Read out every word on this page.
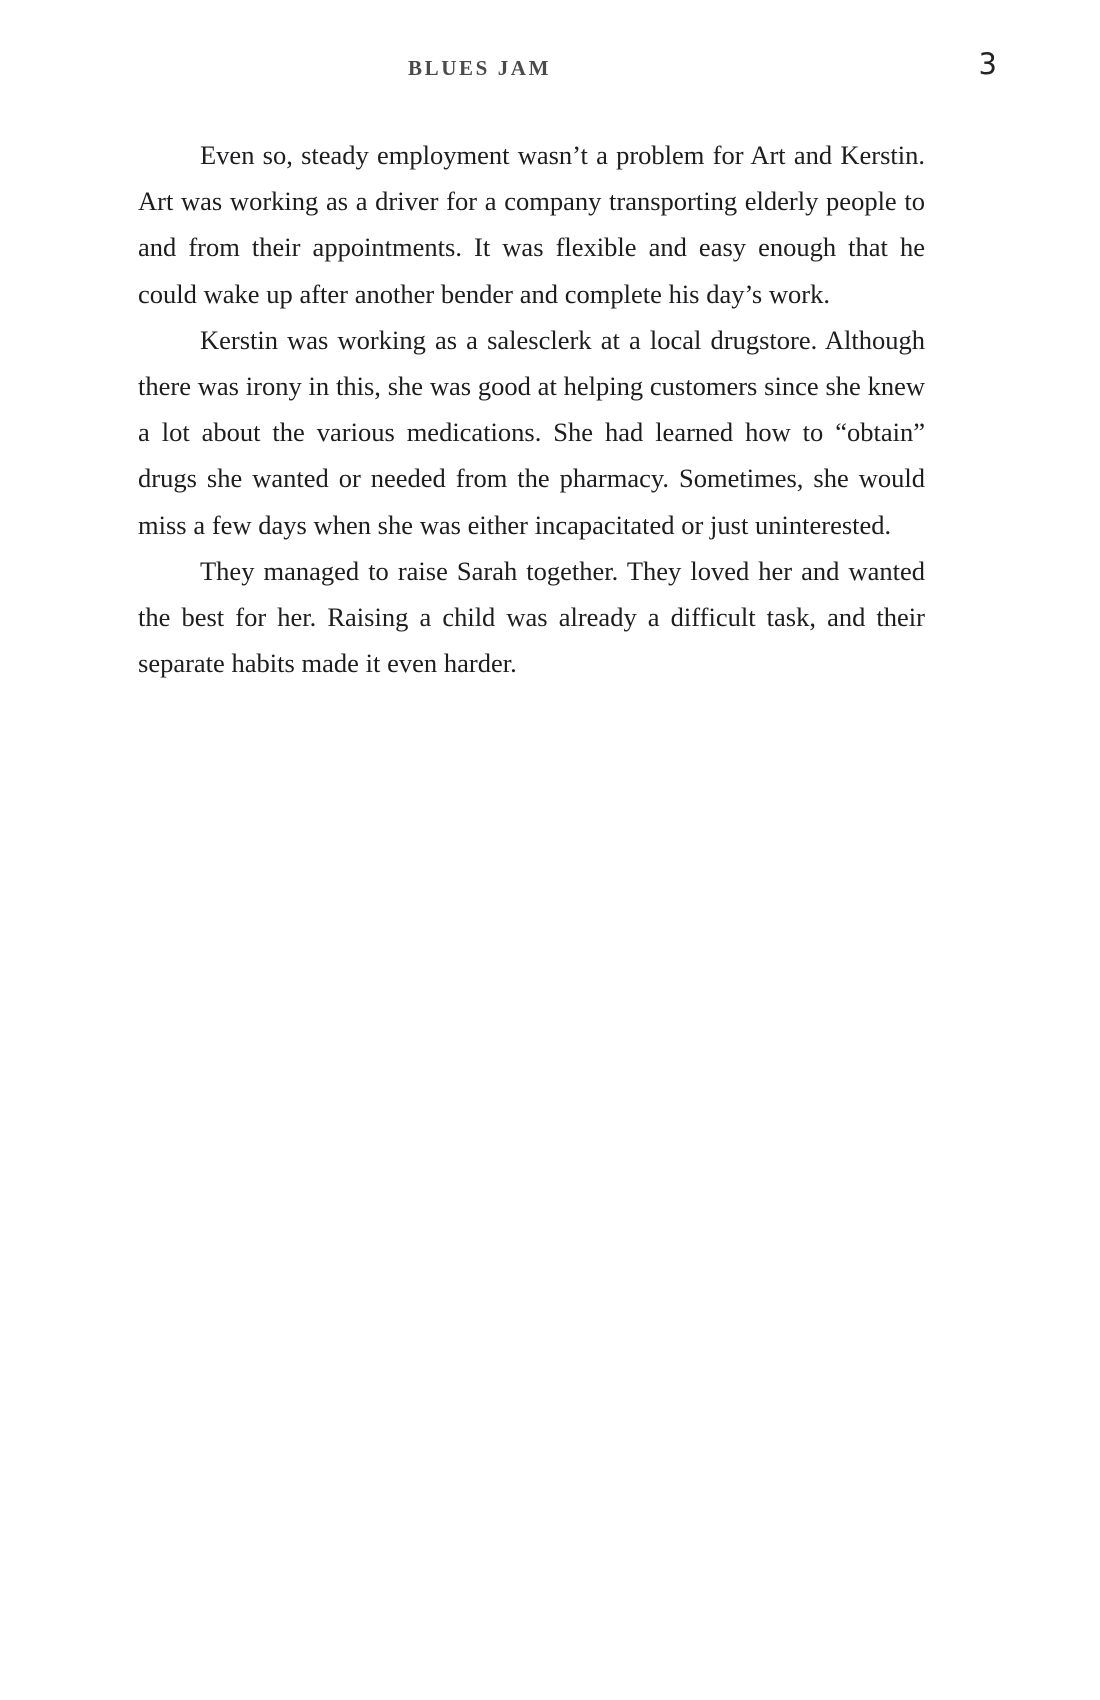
BLUES JAM	3

Even so, steady employment wasn’t a problem for Art and Kerstin. Art was working as a driver for a company transporting elderly people to and from their appointments. It was flexible and easy enough that he could wake up after another bender and complete his day’s work.

Kerstin was working as a salesclerk at a local drugstore. Although there was irony in this, she was good at helping customers since she knew a lot about the various medications. She had learned how to “obtain” drugs she wanted or needed from the pharmacy. Sometimes, she would miss a few days when she was either incapacitated or just uninterested.

They managed to raise Sarah together. They loved her and wanted the best for her. Raising a child was already a difficult task, and their separate habits made it even harder.
